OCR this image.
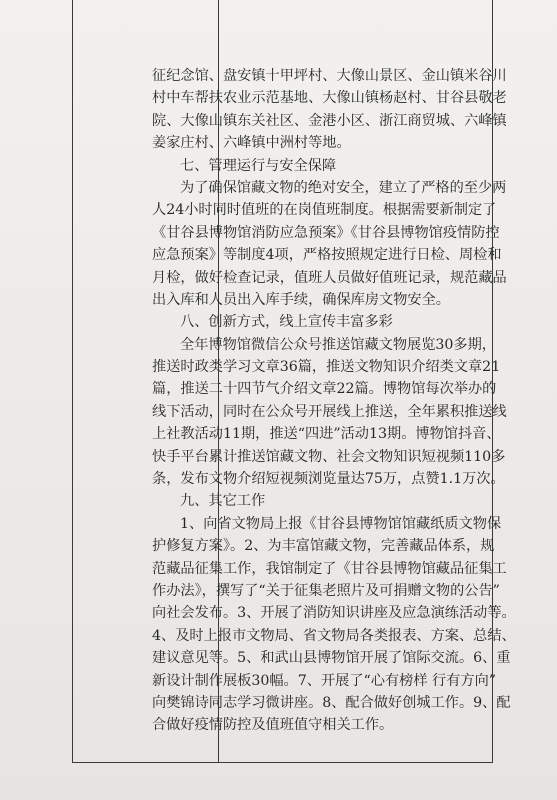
征纪念馆、盘安镇十甲坪村、大像山景区、金山镇米谷川
村中车帮扶农业示范基地、大像山镇杨赵村、甘谷县敬老
院、大像山镇东关社区、金港小区、浙江商贸城、六峰镇
姜家庄村、六峰镇中洲村等地。
七、管理运行与安全保障
为了确保馆藏文物的绝对安全，建立了严格的至少两
人24小时同时值班的在岗值班制度。根据需要新制定了
《甘谷县博物馆消防应急预案》《甘谷县博物馆疫情防控
应急预案》等制度4项，严格按照规定进行日检、周检和
月检，做好检查记录，值班人员做好值班记录，规范藏品
出入库和人员出入库手续，确保库房文物安全。
八、创新方式，线上宣传丰富多彩
全年博物馆微信公众号推送馆藏文物展览30多期，
推送时政类学习文章36篇，推送文物知识介绍类文章21
篇，推送二十四节气介绍文章22篇。博物馆每次举办的
线下活动，同时在公众号开展线上推送，全年累积推送线
上社教活动11期，推送“四进”活动13期。博物馆抖音、
快手平台累计推送馆藏文物、社会文物知识短视频110多
条，发布文物介绍短视频浏览量达75万，点赞1.1万次。
九、其它工作
1、向省文物局上报《甘谷县博物馆馆藏纸质文物保
护修复方案》。2、为丰富馆藏文物，完善藏品体系，规
范藏品征集工作，我馆制定了《甘谷县博物馆藏品征集工
作办法》，撰写了“关于征集老照片及可捐赠文物的公告”
向社会发布。3、开展了消防知识讲座及应急演练活动等。
4、及时上报市文物局、省文物局各类报表、方案、总结、
建议意见等。5、和武山县博物馆开展了馆际交流。6、重
新设计制作展板30幅。7、开展了“心有榜样 行有方向”
向樊锦诗同志学习微讲座。8、配合做好创城工作。9、配
合做好疫情防控及值班值守相关工作。
